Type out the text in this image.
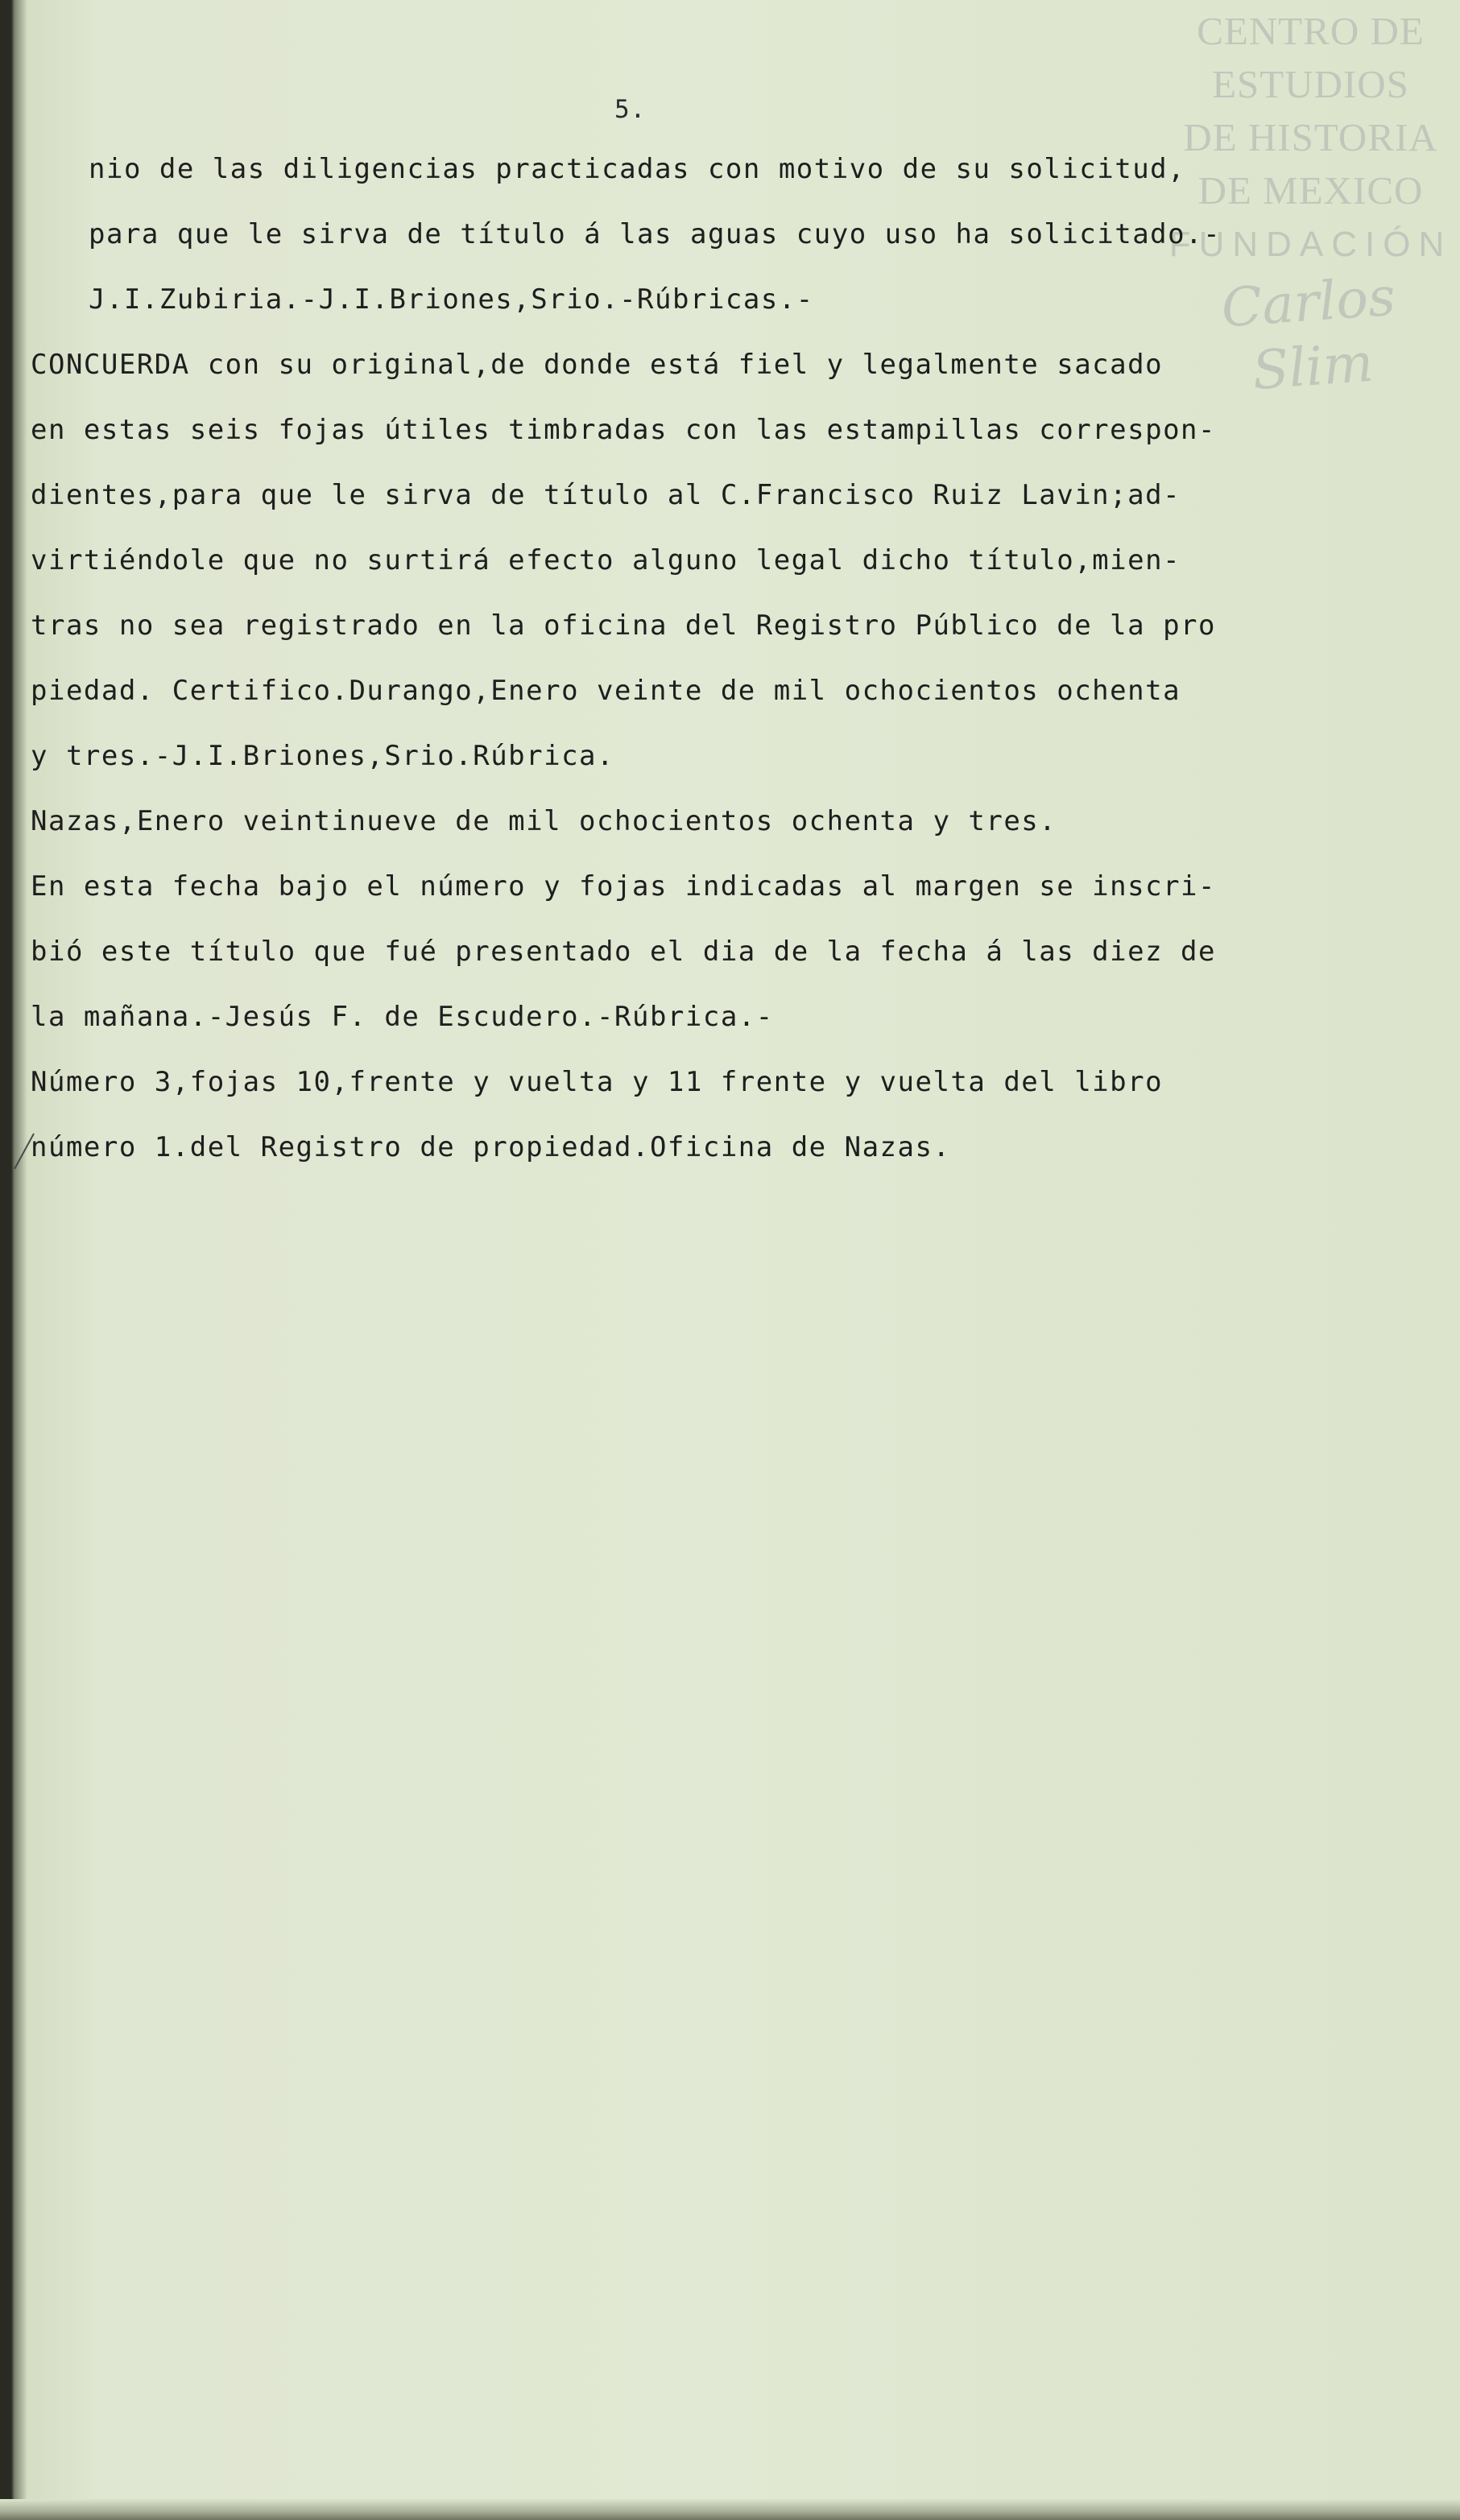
CENTRO DE
ESTUDIOS
DE HISTORIA
DE MEXICO
FUNDACIÓN
Carlos Slim
5.
nio de las diligencias practicadas con motivo de su solicitud,
para que le sirva de título á las aguas cuyo uso ha solicitado.-
J.I.Zubiria.-J.I.Briones,Srio.-Rúbricas.-
CONCUERDA con su original,de donde está fiel y legalmente sacado
en estas seis fojas útiles timbradas con las estampillas correspon-
dientes,para que le sirva de título al C.Francisco Ruiz Lavin;ad-
virtiéndole que no surtirá efecto alguno legal dicho título,mien-
tras no sea registrado en la oficina del Registro Público de la pro
piedad. Certifico.Durango,Enero veinte de mil ochocientos ochenta
y tres.-J.I.Briones,Srio.Rúbrica.
Nazas,Enero veintinueve de mil ochocientos ochenta y tres.
En esta fecha bajo el número y fojas indicadas al margen se inscri-
bió este título que fué presentado el dia de la fecha á las diez de
la mañana.-Jesús F. de Escudero.-Rúbrica.-
Número 3,fojas 10,frente y vuelta y 11 frente y vuelta del libro
número 1.del Registro de propiedad.Oficina de Nazas.
